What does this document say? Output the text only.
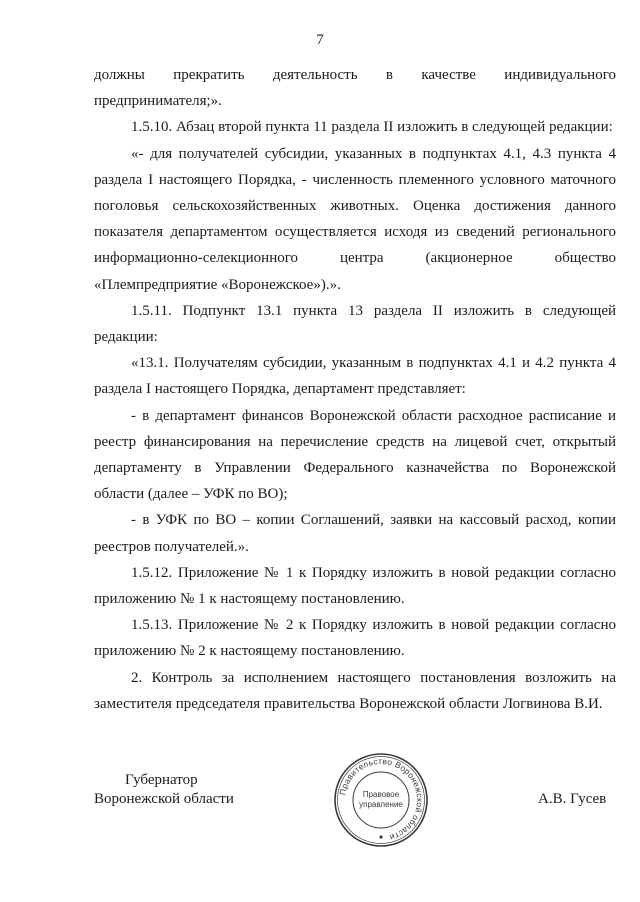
7

должны прекратить деятельность в качестве индивидуального предпринимателя;».

1.5.10. Абзац второй пункта 11 раздела II изложить в следующей редакции:

«- для получателей субсидии, указанных в подпунктах 4.1, 4.3 пункта 4 раздела I настоящего Порядка, - численность племенного условного маточного поголовья сельскохозяйственных животных. Оценка достижения данного показателя департаментом осуществляется исходя из сведений регионального информационно-селекционного центра (акционерное общество «Племпредприятие «Воронежское»).».

1.5.11. Подпункт 13.1 пункта 13 раздела II изложить в следующей редакции:

«13.1. Получателям субсидии, указанным в подпунктах 4.1 и 4.2 пункта 4 раздела I настоящего Порядка, департамент представляет:

- в департамент финансов Воронежской области расходное расписание и реестр финансирования на перечисление средств на лицевой счет, открытый департаменту в Управлении Федерального казначейства по Воронежской области (далее – УФК по ВО);

- в УФК по ВО – копии Соглашений, заявки на кассовый расход, копии реестров получателей.».

1.5.12. Приложение № 1 к Порядку изложить в новой редакции согласно приложению № 1 к настоящему постановлению.

1.5.13. Приложение № 2 к Порядку изложить в новой редакции согласно приложению № 2 к настоящему постановлению.

2. Контроль за исполнением настоящего постановления возложить на заместителя председателя правительства Воронежской области Логвинова В.И.

Губернатор
Воронежской области	А.В. Гусев
Правительство Воронежской области
Правовое
управление
